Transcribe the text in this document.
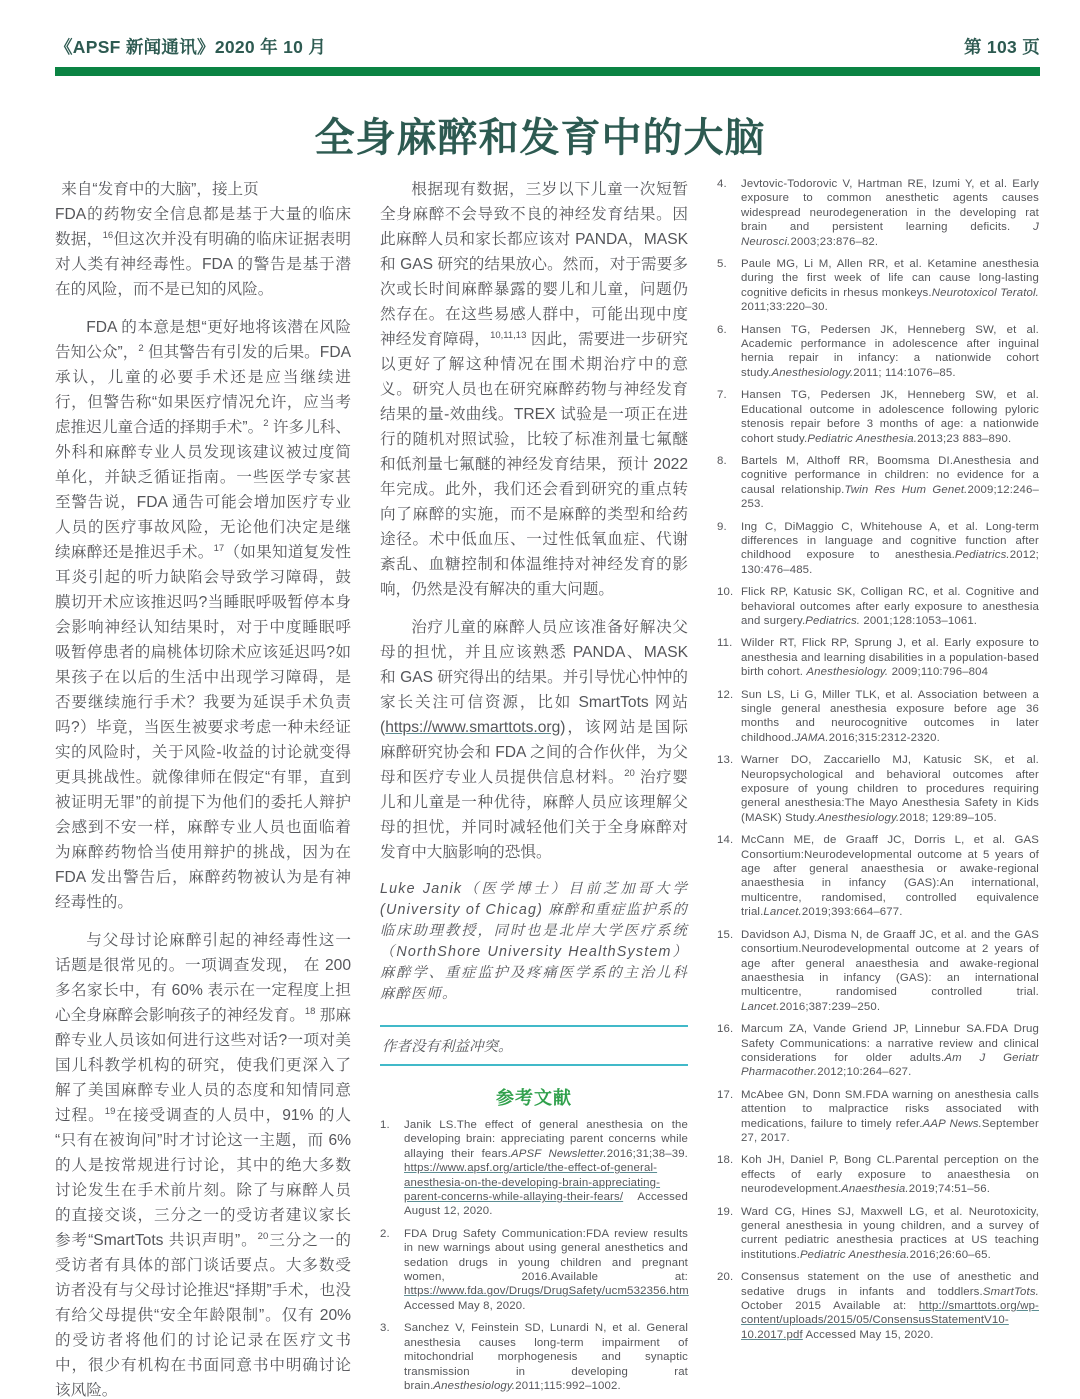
《APSF 新闻通讯》2020 年 10 月	第 103 页
全身麻醉和发育中的大脑

来自“发育中的大脑”，接上页

FDA的药物安全信息都是基于大量的临床数据，$^{16}$但这次并没有明确的临床证据表明对人类有神经毒性。FDA 的警告是基于潜在的风险，而不是已知的风险。

FDA 的本意是想“更好地将该潜在风险告知公众”，$^2$ 但其警告有引发的后果。FDA 承认，儿童的必要手术还是应当继续进行，但警告称“如果医疗情况允许，应当考虑推迟儿童合适的择期手术”。$^2$ 许多儿科、外科和麻醉专业人员发现该建议被过度简单化，并缺乏循证指南。一些医学专家甚至警告说，FDA 通告可能会增加医疗专业人员的医疗事故风险，无论他们决定是继续麻醉还是推迟手术。$^{17}$（如果知道复发性耳炎引起的听力缺陷会导致学习障碍，鼓膜切开术应该推迟吗?当睡眠呼吸暂停本身会影响神经认知结果时，对于中度睡眠呼吸暂停患者的扁桃体切除术应该延迟吗?如果孩子在以后的生活中出现学习障碍，是否要继续施行手术？我要为延误手术负责吗?）毕竟，当医生被要求考虑一种未经证实的风险时，关于风险-收益的讨论就变得更具挑战性。就像律师在假定“有罪，直到被证明无罪”的前提下为他们的委托人辩护会感到不安一样，麻醉专业人员也面临着为麻醉药物恰当使用辩护的挑战，因为在 FDA 发出警告后，麻醉药物被认为是有神经毒性的。

与父母讨论麻醉引起的神经毒性这一话题是很常见的。一项调查发现， 在 200 多名家长中，有 60% 表示在一定程度上担心全身麻醉会影响孩子的神经发育。$^{18}$ 那麻醉专业人员该如何进行这些对话?一项对美国儿科教学机构的研究，使我们更深入了解了美国麻醉专业人员的态度和知情同意过程。$^{19}$在接受调查的人员中，91% 的人“只有在被询问”时才讨论这一主题，而 6% 的人是按常规进行讨论，其中的绝大多数讨论发生在手术前片刻。除了与麻醉人员的直接交谈，三分之一的受访者建议家长参考“SmartTots 共识声明”。$^{20}$三分之一的受访者有具体的部门谈话要点。大多数受访者没有与父母讨论推迟“择期”手术，也没有给父母提供“安全年龄限制”。仅有 20% 的受访者将他们的讨论记录在医疗文书中，很少有机构在书面同意书中明确讨论该风险。

根据现有数据，三岁以下儿童一次短暂全身麻醉不会导致不良的神经发育结果。因此麻醉人员和家长都应该对 PANDA，MASK 和 GAS 研究的结果放心。然而，对于需要多次或长时间麻醉暴露的婴儿和儿童，问题仍然存在。在这些易感人群中，可能出现中度神经发育障碍，$^{10,11,13}$ 因此，需要进一步研究以更好了解这种情况在围术期治疗中的意义。研究人员也在研究麻醉药物与神经发育结果的量-效曲线。TREX 试验是一项正在进行的随机对照试验，比较了标准剂量七氟醚和低剂量七氟醚的神经发育结果，预计 2022 年完成。此外，我们还会看到研究的重点转向了麻醉的实施，而不是麻醉的类型和给药途径。术中低血压、一过性低氧血症、代谢紊乱、血糖控制和体温维持对神经发育的影响，仍然是没有解决的重大问题。

治疗儿童的麻醉人员应该准备好解决父母的担忧，并且应该熟悉 PANDA、MASK 和 GAS 研究得出的结果。并引导忧心忡忡的家长关注可信资源，比如 SmartTots 网站 (https://www.smarttots.org)，该网站是国际麻醉研究协会和 FDA 之间的合作伙伴，为父母和医疗专业人员提供信息材料。$^{20}$ 治疗婴儿和儿童是一种优待，麻醉人员应该理解父母的担忧，并同时减轻他们关于全身麻醉对发育中大脑影响的恐惧。

Luke Janik（医学博士）目前芝加哥大学 (University of Chicag) 麻醉和重症监护系的临床助理教授，同时也是北岸大学医疗系统（NorthShore University HealthSystem）麻醉学、重症监护及疼痛医学系的主治儿科麻醉医师。

作者没有利益冲突。
参考文献
1. Janik LS.The effect of general anesthesia on the developing brain: appreciating parent concerns while allaying their fears.APSF Newsletter.2016;31;38–39. https://www.apsf.org/article/the-effect-of-general-anesthesia-on-the-developing-brain-appreciating-parent-concerns-while-allaying-their-fears/ Accessed August 12, 2020.
2. FDA Drug Safety Communication:FDA review results in new warnings about using general anesthetics and sedation drugs in young children and pregnant women, 2016.Available at: https://www.fda.gov/Drugs/DrugSafety/ucm532356.htm Accessed May 8, 2020.
3. Sanchez V, Feinstein SD, Lunardi N, et al. General anesthesia causes long-term impairment of mitochondrial morphogenesis and synaptic transmission in developing rat brain.Anesthesiology.2011;115:992–1002.
4. Jevtovic-Todorovic V, Hartman RE, Izumi Y, et al. Early exposure to common anesthetic agents causes widespread neurodegeneration in the developing rat brain and persistent learning deficits. J Neurosci.2003;23:876–82.
5. Paule MG, Li M, Allen RR, et al. Ketamine anesthesia during the first week of life can cause long-lasting cognitive deficits in rhesus monkeys.Neurotoxicol Teratol. 2011;33:220–30.
6. Hansen TG, Pedersen JK, Henneberg SW, et al. Academic performance in adolescence after inguinal hernia repair in infancy: a nationwide cohort study.Anesthesiology.2011; 114:1076–85.
7. Hansen TG, Pedersen JK, Henneberg SW, et al. Educational outcome in adolescence following pyloric stenosis repair before 3 months of age: a nationwide cohort study.Pediatric Anesthesia.2013;23 883–890.
8. Bartels M, Althoff RR, Boomsma DI.Anesthesia and cognitive performance in children: no evidence for a causal relationship.Twin Res Hum Genet.2009;12:246–253.
9. Ing C, DiMaggio C, Whitehouse A, et al. Long-term differences in language and cognitive function after childhood exposure to anesthesia.Pediatrics.2012; 130:476–485.
10. Flick RP, Katusic SK, Colligan RC, et al. Cognitive and behavioral outcomes after early exposure to anesthesia and surgery.Pediatrics. 2001;128:1053–1061.
11. Wilder RT, Flick RP, Sprung J, et al. Early exposure to anesthesia and learning disabilities in a population-based birth cohort. Anesthesiology. 2009;110:796–804
12. Sun LS, Li G, Miller TLK, et al. Association between a single general anesthesia exposure before age 36 months and neurocognitive outcomes in later childhood.JAMA.2016;315:2312-2320.
13. Warner DO, Zaccariello MJ, Katusic SK, et al. Neuropsychological and behavioral outcomes after exposure of young children to procedures requiring general anesthesia:The Mayo Anesthesia Safety in Kids (MASK) Study.Anesthesiology.2018; 129:89–105.
14. McCann ME, de Graaff JC, Dorris L, et al. GAS Consortium:Neurodevelopmental outcome at 5 years of age after general anaesthesia or awake-regional anaesthesia in infancy (GAS):An international, multicentre, randomised, controlled equivalence trial.Lancet.2019;393:664–677.
15. Davidson AJ, Disma N, de Graaff JC, et al. and the GAS consortium.Neurodevelopmental outcome at 2 years of age after general anaesthesia and awake-regional anaesthesia in infancy (GAS): an international multicentre, randomised controlled trial. Lancet.2016;387:239–250.
16. Marcum ZA, Vande Griend JP, Linnebur SA.FDA Drug Safety Communications: a narrative review and clinical considerations for older adults.Am J Geriatr Pharmacother.2012;10:264–627.
17. McAbee GN, Donn SM.FDA warning on anesthesia calls attention to malpractice risks associated with medications, failure to timely refer.AAP News.September 27, 2017.
18. Koh JH, Daniel P, Bong CL.Parental perception on the effects of early exposure to anaesthesia on neurodevelopment.Anaesthesia.2019;74:51–56.
19. Ward CG, Hines SJ, Maxwell LG, et al. Neurotoxicity, general anesthesia in young children, and a survey of current pediatric anesthesia practices at US teaching institutions.Pediatric Anesthesia.2016;26:60–65.
20. Consensus statement on the use of anesthetic and sedative drugs in infants and toddlers.SmartTots. October 2015 Available at: http://smarttots.org/wp-content/uploads/2015/05/ConsensusStatementV10-10.2017.pdf Accessed May 15, 2020.
